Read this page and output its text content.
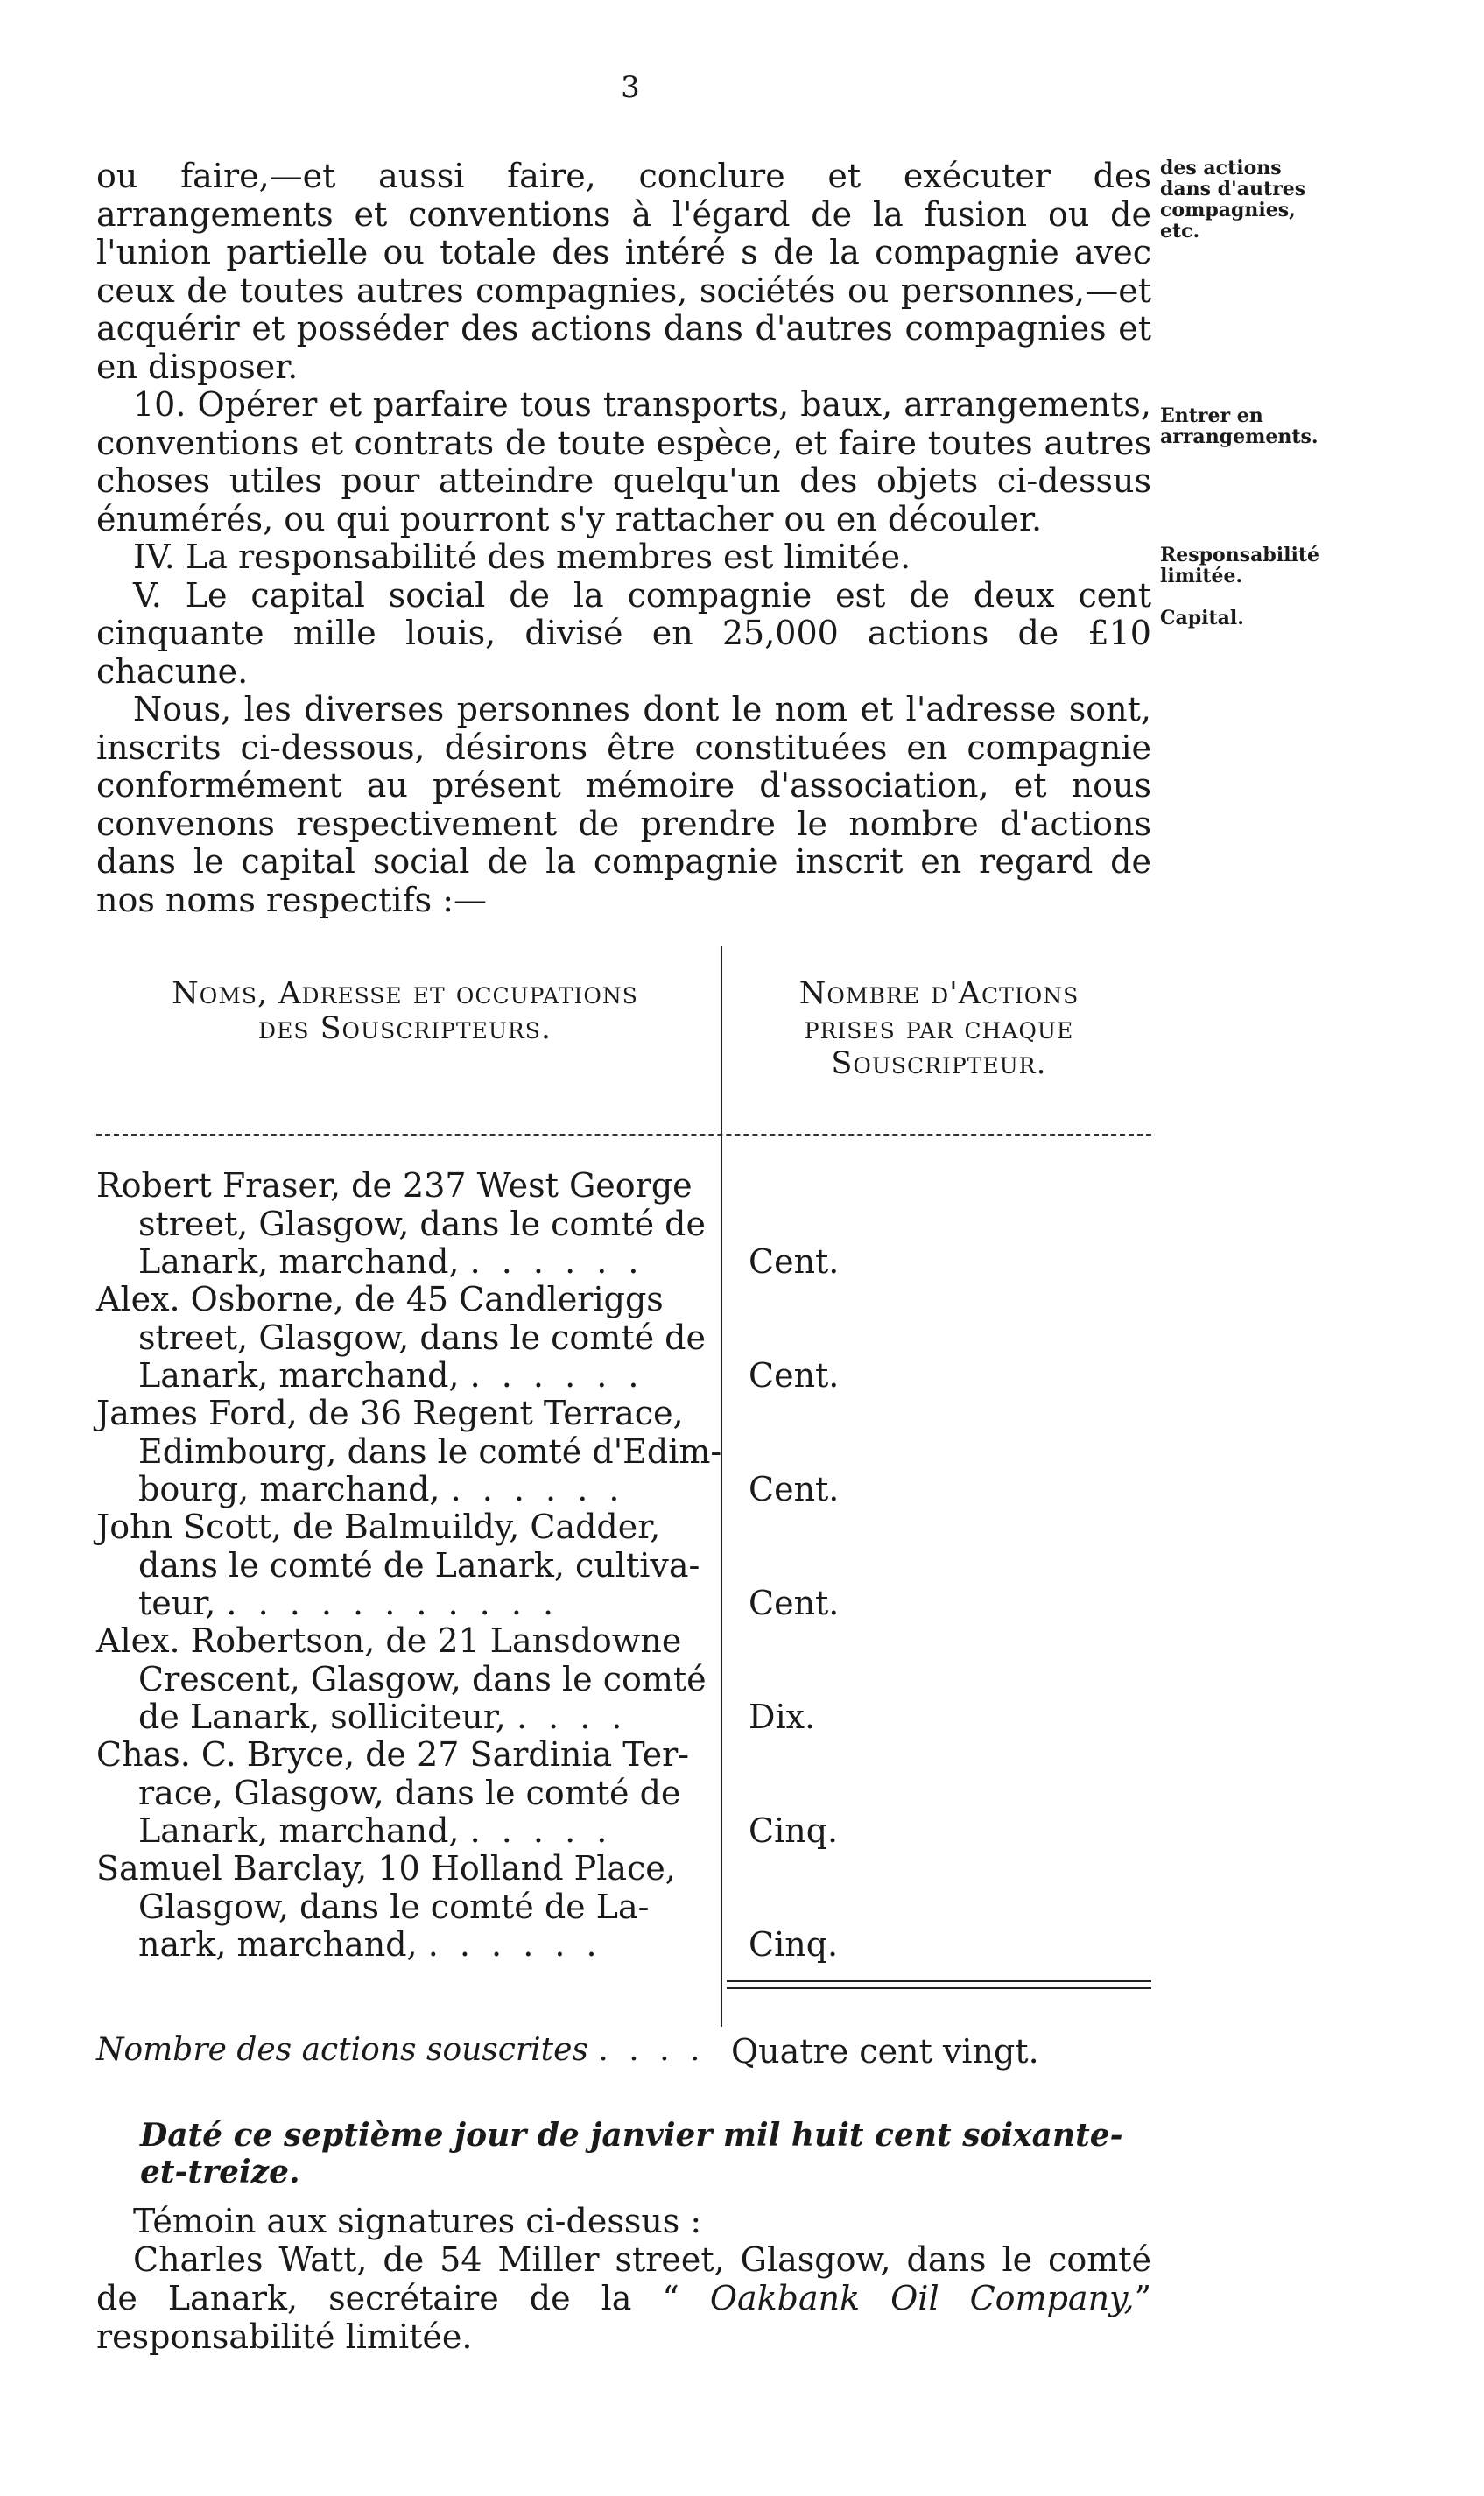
3

ou faire,—et aussi faire, conclure et exécuter des arrangements et conventions à l'égard de la fusion ou de l'union partielle ou totale des intéré s de la compagnie avec ceux de toutes autres compagnies, sociétés ou personnes,—et acquérir et posséder des actions dans d'autres compagnies et en disposer.

10. Opérer et parfaire tous transports, baux, arrangements, conventions et contrats de toute espèce, et faire toutes autres choses utiles pour atteindre quelqu'un des objets ci-dessus énumérés, ou qui pourront s'y rattacher ou en découler.

IV. La responsabilité des membres est limitée.

V. Le capital social de la compagnie est de deux cent cinquante mille louis, divisé en 25,000 actions de £10 chacune.

Nous, les diverses personnes dont le nom et l'adresse sont, inscrits ci-dessous, désirons être constituées en compagnie conformément au présent mémoire d'association, et nous convenons respectivement de prendre le nombre d'actions dans le capital social de la compagnie inscrit en regard de nos noms respectifs :—

des actions dans d'autres compagnies, etc.
Entrer en arrangements.
Responsabilité limitée.
Capital.
Noms, Adresse et occupations
des Souscripteurs.
Nombre d'Actions
prises par chaque
Souscripteur.
Robert Fraser, de 237 West George
street, Glasgow, dans le comté de
Lanark, marchand, . . . . . .	Cent.
Alex. Osborne, de 45 Candleriggs
street, Glasgow, dans le comté de
Lanark, marchand, . . . . . .	Cent.
James Ford, de 36 Regent Terrace,
Edimbourg, dans le comté d'Edim-
bourg, marchand, . . . . . .	Cent.
John Scott, de Balmuildy, Cadder,
dans le comté de Lanark, cultiva-
teur, . . . . . . . . . . .	Cent.
Alex. Robertson, de 21 Lansdowne
Crescent, Glasgow, dans le comté
de Lanark, solliciteur, . . . .	Dix.
Chas. C. Bryce, de 27 Sardinia Ter-
race, Glasgow, dans le comté de
Lanark, marchand, . . . . .	Cinq.
Samuel Barclay, 10 Holland Place,
Glasgow, dans le comté de La-
nark, marchand, . . . . . .	Cinq.
Nombre des actions souscrites . . . . Quatre cent vingt.
Daté ce septième jour de janvier mil huit cent soixante-et-treize.

Témoin aux signatures ci-dessus :

Charles Watt, de 54 Miller street, Glasgow, dans le comté de Lanark, secrétaire de la “ Oakbank Oil Company,” responsabilité limitée.
